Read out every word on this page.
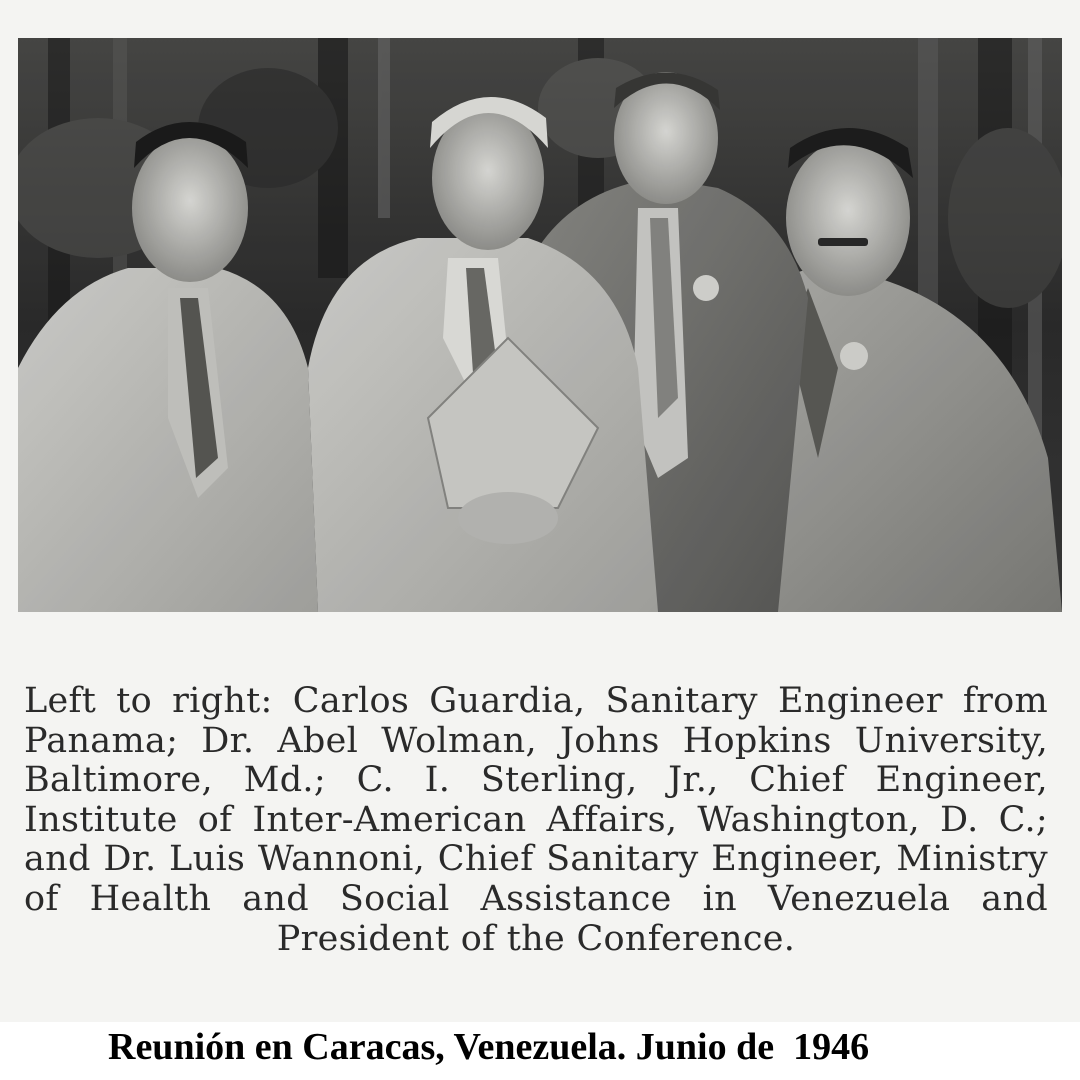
Left to right: Carlos Guardia, Sanitary Engineer from Panama; Dr. Abel Wolman, Johns Hopkins University, Baltimore, Md.; C. I. Sterling, Jr., Chief Engineer, Institute of Inter-American Affairs, Washington, D. C.; and Dr. Luis Wannoni, Chief Sanitary Engineer, Ministry of Health and Social Assistance in Venezuela and President of the Conference.
Reunión en Caracas, Venezuela. Junio de  1946
